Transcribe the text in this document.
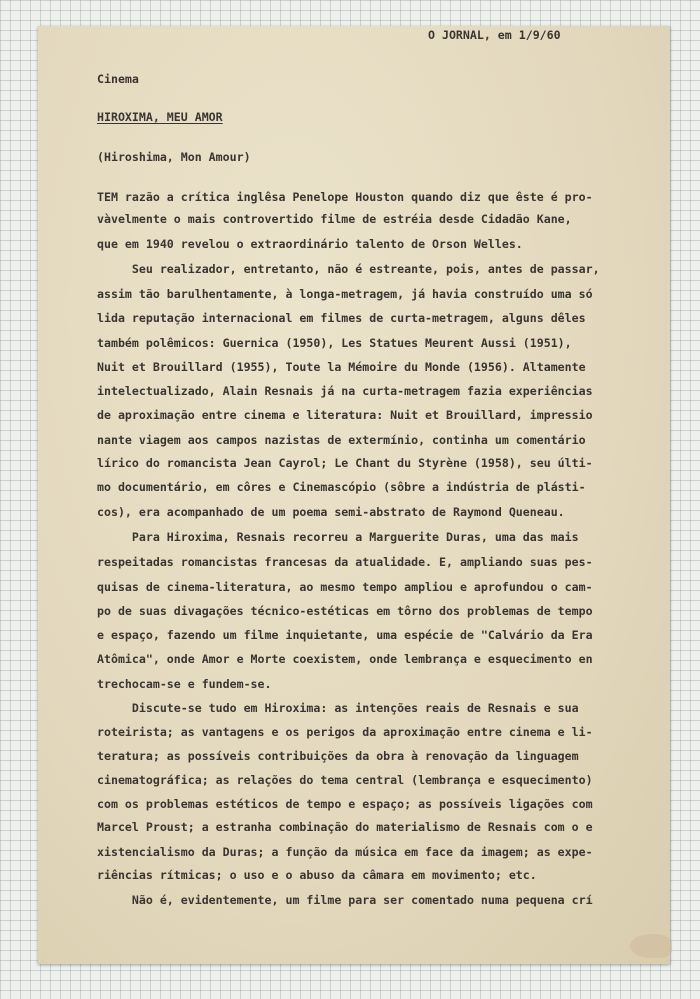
O JORNAL, em 1/9/60
Cinema
HIROXIMA, MEU AMOR
(Hiroshima, Mon Amour)
TEM razão a crítica inglêsa Penelope Houston quando diz que êste é pro-
vàvelmente o mais controvertido filme de estréia desde Cidadão Kane,
que em 1940 revelou o extraordinário talento de Orson Welles.
Seu realizador, entretanto, não é estreante, pois, antes de passar,
assim tão barulhentamente, à longa-metragem, já havia construído uma só
lida reputação internacional em filmes de curta-metragem, alguns dêles
também polêmicos: Guernica (1950), Les Statues Meurent Aussi (1951),
Nuit et Brouillard (1955), Toute la Mémoire du Monde (1956). Altamente
intelectualizado, Alain Resnais já na curta-metragem fazia experiências
de aproximação entre cinema e literatura: Nuit et Brouillard, impressio
nante viagem aos campos nazistas de extermínio, continha um comentário
lírico do romancista Jean Cayrol; Le Chant du Styrène (1958), seu últi-
mo documentário, em côres e Cinemascópio (sôbre a indústria de plásti-
cos), era acompanhado de um poema semi-abstrato de Raymond Queneau.
Para Hiroxima, Resnais recorreu a Marguerite Duras, uma das mais
respeitadas romancistas francesas da atualidade. E, ampliando suas pes-
quisas de cinema-literatura, ao mesmo tempo ampliou e aprofundou o cam-
po de suas divagações técnico-estéticas em tôrno dos problemas de tempo
e espaço, fazendo um filme inquietante, uma espécie de "Calvário da Era
Atômica", onde Amor e Morte coexistem, onde lembrança e esquecimento en
trechocam-se e fundem-se.
Discute-se tudo em Hiroxima: as intenções reais de Resnais e sua
roteirista; as vantagens e os perigos da aproximação entre cinema e li-
teratura; as possíveis contribuições da obra à renovação da linguagem
cinematográfica; as relações do tema central (lembrança e esquecimento)
com os problemas estéticos de tempo e espaço; as possíveis ligações com
Marcel Proust; a estranha combinação do materialismo de Resnais com o e
xistencialismo da Duras; a função da música em face da imagem; as expe-
riências rítmicas; o uso e o abuso da câmara em movimento; etc.
Não é, evidentemente, um filme para ser comentado numa pequena crí
